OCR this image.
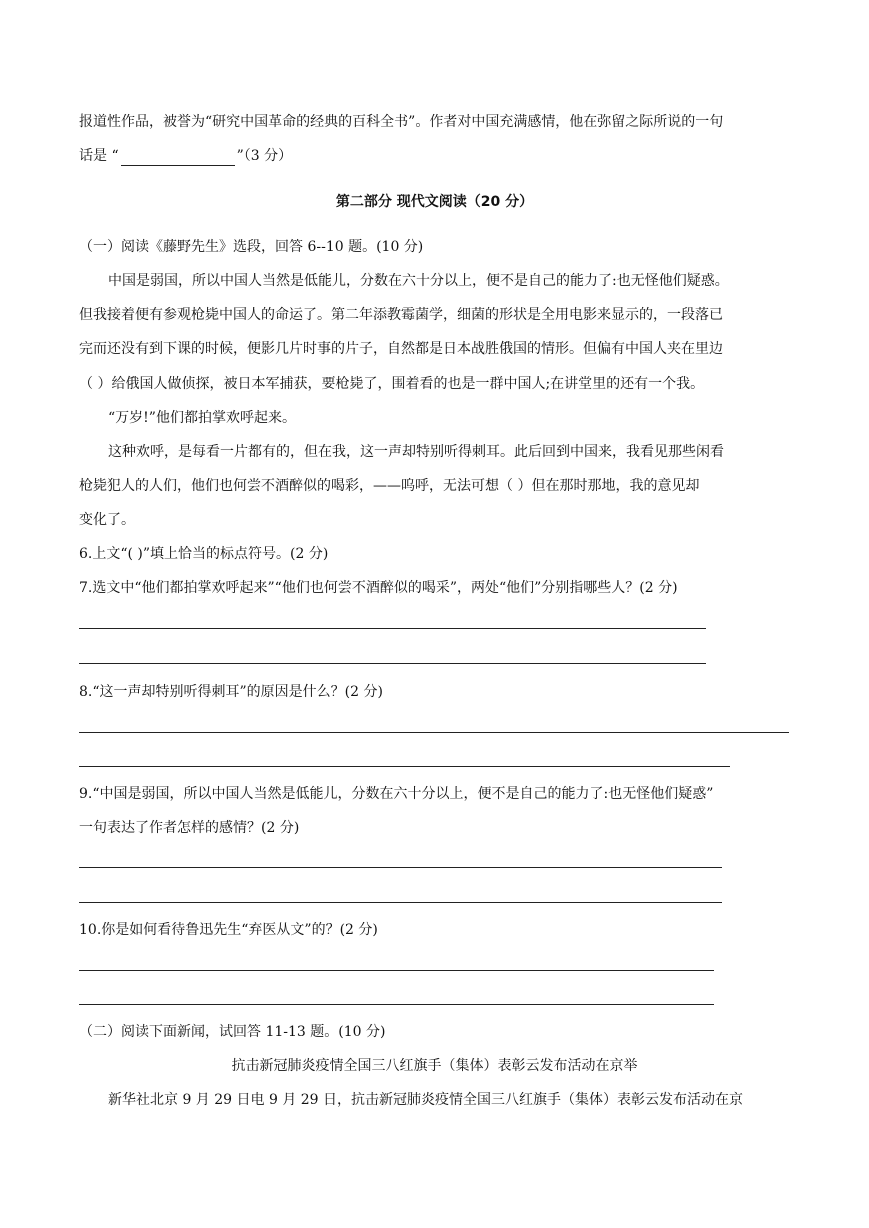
报道性作品，被誉为“研究中国革命的经典的百科全书”。作者对中国充满感情，他在弥留之际所说的一句
话是 “	”（3 分）
第二部分 现代文阅读（20 分）
（一）阅读《藤野先生》选段，回答 6--10 题。(10 分)
中国是弱国，所以中国人当然是低能儿，分数在六十分以上，便不是自己的能力了:也无怪他们疑惑。
但我接着便有参观枪毙中国人的命运了。第二年添教霉菌学，细菌的形状是全用电影来显示的，一段落已
完而还没有到下课的时候，便影几片时事的片子，自然都是日本战胜俄国的情形。但偏有中国人夹在里边
（ ）给俄国人做侦探，被日本军捕获，要枪毙了，围着看的也是一群中国人;在讲堂里的还有一个我。
“万岁!”他们都拍掌欢呼起来。
这种欢呼，是每看一片都有的，但在我，这一声却特别听得刺耳。此后回到中国来，我看见那些闲看
枪毙犯人的人们，他们也何尝不酒醉似的喝彩，——呜呼，无法可想（ ）但在那时那地，我的意见却
变化了。
6.上文“( )”填上恰当的标点符号。(2 分)
7.选文中“他们都拍掌欢呼起来”“他们也何尝不酒醉似的喝采”，两处“他们”分别指哪些人？(2 分)
8.“这一声却特别听得刺耳”的原因是什么？(2 分)
9.“中国是弱国，所以中国人当然是低能儿，分数在六十分以上，便不是自己的能力了:也无怪他们疑惑”
一句表达了作者怎样的感情？(2 分)
10.你是如何看待鲁迅先生“弃医从文”的？(2 分)
（二）阅读下面新闻，试回答 11-13 题。(10 分)
抗击新冠肺炎疫情全国三八红旗手（集体）表彰云发布活动在京举
新华社北京 9 月 29 日电 9 月 29 日，抗击新冠肺炎疫情全国三八红旗手（集体）表彰云发布活动在京
